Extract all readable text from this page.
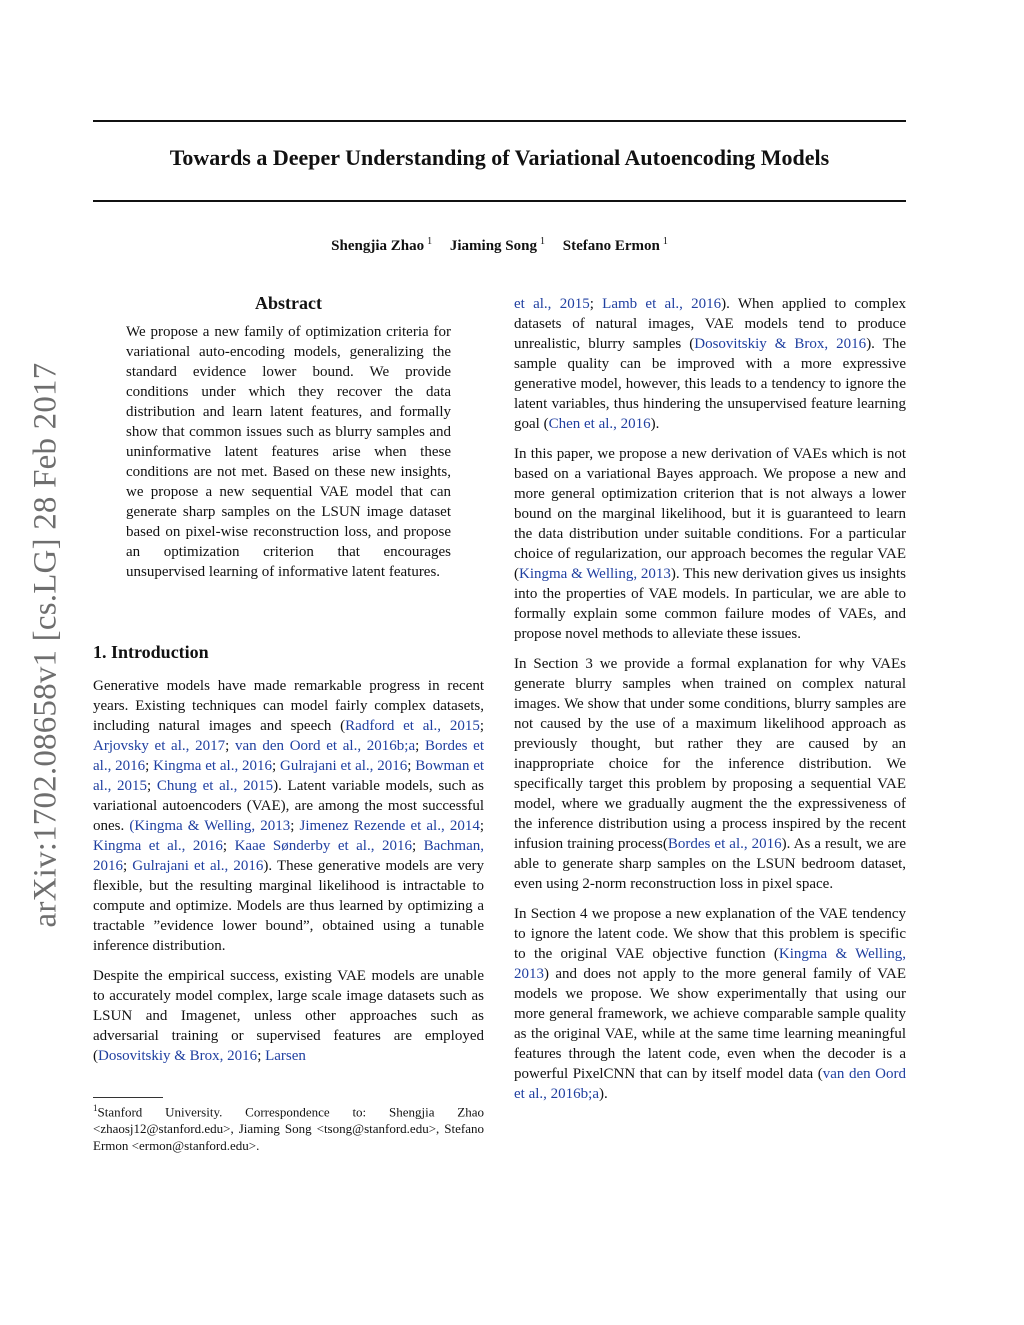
arXiv:1702.08658v1 [cs.LG] 28 Feb 2017
Towards a Deeper Understanding of Variational Autoencoding Models
Shengjia Zhao $^1$ Jiaming Song $^1$ Stefano Ermon $^1$
Abstract
We propose a new family of optimization criteria for variational auto-encoding models, generalizing the standard evidence lower bound. We provide conditions under which they recover the data distribution and learn latent features, and formally show that common issues such as blurry samples and uninformative latent features arise when these conditions are not met. Based on these new insights, we propose a new sequential VAE model that can generate sharp samples on the LSUN image dataset based on pixel-wise reconstruction loss, and propose an optimization criterion that encourages unsupervised learning of informative latent features.
1. Introduction

Generative models have made remarkable progress in recent years. Existing techniques can model fairly complex datasets, including natural images and speech (Radford et al., 2015; Arjovsky et al., 2017; van den Oord et al., 2016b;a; Bordes et al., 2016; Kingma et al., 2016; Gulrajani et al., 2016; Bowman et al., 2015; Chung et al., 2015). Latent variable models, such as variational autoencoders (VAE), are among the most successful ones. (Kingma & Welling, 2013; Jimenez Rezende et al., 2014; Kingma et al., 2016; Kaae Sønderby et al., 2016; Bachman, 2016; Gulrajani et al., 2016). These generative models are very flexible, but the resulting marginal likelihood is intractable to compute and optimize. Models are thus learned by optimizing a tractable ”evidence lower bound”, obtained using a tunable inference distribution.

Despite the empirical success, existing VAE models are unable to accurately model complex, large scale image datasets such as LSUN and Imagenet, unless other approaches such as adversarial training or supervised features are employed (Dosovitskiy & Brox, 2016; Larsen

et al., 2015; Lamb et al., 2016). When applied to complex datasets of natural images, VAE models tend to produce unrealistic, blurry samples (Dosovitskiy & Brox, 2016). The sample quality can be improved with a more expressive generative model, however, this leads to a tendency to ignore the latent variables, thus hindering the unsupervised feature learning goal (Chen et al., 2016).

In this paper, we propose a new derivation of VAEs which is not based on a variational Bayes approach. We propose a new and more general optimization criterion that is not always a lower bound on the marginal likelihood, but it is guaranteed to learn the data distribution under suitable conditions. For a particular choice of regularization, our approach becomes the regular VAE (Kingma & Welling, 2013). This new derivation gives us insights into the properties of VAE models. In particular, we are able to formally explain some common failure modes of VAEs, and propose novel methods to alleviate these issues.

In Section 3 we provide a formal explanation for why VAEs generate blurry samples when trained on complex natural images. We show that under some conditions, blurry samples are not caused by the use of a maximum likelihood approach as previously thought, but rather they are caused by an inappropriate choice for the inference distribution. We specifically target this problem by proposing a sequential VAE model, where we gradually augment the the expressiveness of the inference distribution using a process inspired by the recent infusion training process(Bordes et al., 2016). As a result, we are able to generate sharp samples on the LSUN bedroom dataset, even using 2-norm reconstruction loss in pixel space.

In Section 4 we propose a new explanation of the VAE tendency to ignore the latent code. We show that this problem is specific to the original VAE objective function (Kingma & Welling, 2013) and does not apply to the more general family of VAE models we propose. We show experimentally that using our more general framework, we achieve comparable sample quality as the original VAE, while at the same time learning meaningful features through the latent code, even when the decoder is a powerful PixelCNN that can by itself model data (van den Oord et al., 2016b;a).

$^1$Stanford University. Correspondence to: Shengjia Zhao <zhaosj12@stanford.edu>, Jiaming Song <tsong@stanford.edu>, Stefano Ermon <ermon@stanford.edu>.
